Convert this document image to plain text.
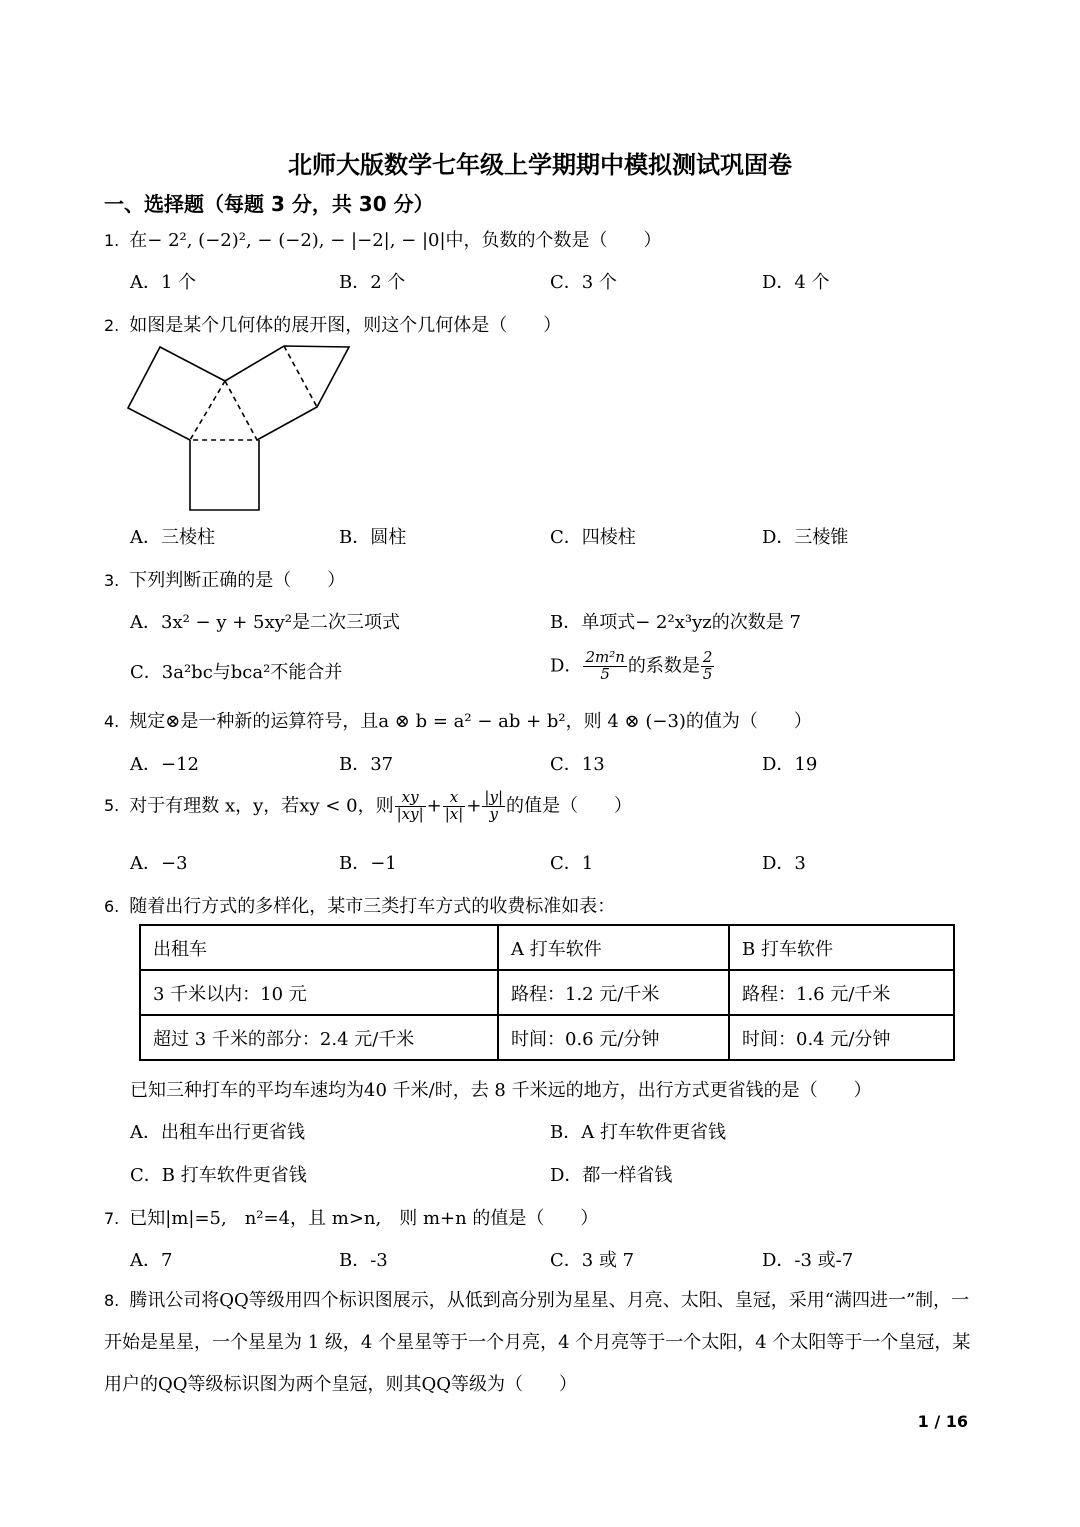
北师大版数学七年级上学期期中模拟测试巩固卷
一、选择题（每题 3 分，共 30 分）
1. 在− 2², (−2)², − (−2), − |−2|, − |0|中，负数的个数是（　　）
A．1 个	B．2 个	C．3 个	D．4 个
2. 如图是某个几何体的展开图，则这个几何体是（　　）
A．三棱柱	B．圆柱	C．四棱柱	D．三棱锥
3. 下列判断正确的是（　　）
A．3x² − y + 5xy²是二次三项式	B．单项式− 2²x³yz的次数是 7
C．3a²bc与bca²不能合并	D． $\frac{\text{2m²n}}{5}$ 的系数是 $\frac{2}{5}$
4. 规定⊗是一种新的运算符号，且a ⊗ b = a² − ab + b²，则 4 ⊗ (−3)的值为（　　）
A．−12	B．37	C．13	D．19
5. 对于有理数 x，y，若xy < 0，则 $\frac{xy}{|xy|} + \frac{x}{|x|} + \frac{|y|}{y}$ 的值是（　　）
A．−3	B．−1	C．1	D．3
6. 随着出行方式的多样化，某市三类打车方式的收费标准如表：
出租车	A 打车软件	B 打车软件
3 千米以内：10 元	路程：1.2 元/千米	路程：1.6 元/千米
超过 3 千米的部分：2.4 元/千米	时间：0.6 元/分钟	时间：0.4 元/分钟
已知三种打车的平均车速均为40 千米/时，去 8 千米远的地方，出行方式更省钱的是（　　）
A．出租车出行更省钱	B．A 打车软件更省钱
C．B 打车软件更省钱	D．都一样省钱
7. 已知|m|=5,　n²=4，且 m>n,　则 m+n 的值是（　　）
A．7	B．-3	C．3 或 7	D．-3 或-7
8. 腾讯公司将QQ等级用四个标识图展示，从低到高分别为星星、月亮、太阳、皇冠，采用“满四进一”制，一开始是星星，一个星星为 1 级，4 个星星等于一个月亮，4 个月亮等于一个太阳，4 个太阳等于一个皇冠，某用户的QQ等级标识图为两个皇冠，则其QQ等级为（　　）
1 / 16
